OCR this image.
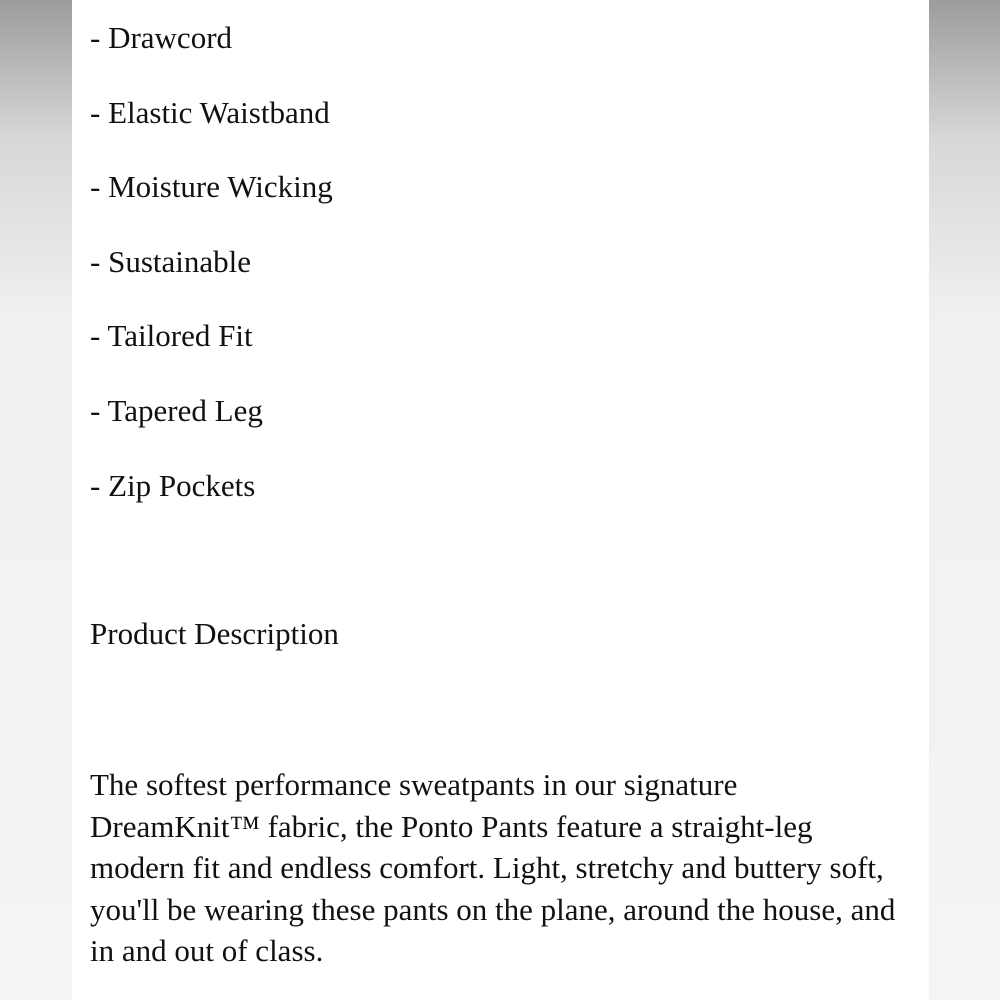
- Drawcord
- Elastic Waistband
- Moisture Wicking
- Sustainable
- Tailored Fit
- Tapered Leg
- Zip Pockets
Product Description

The softest performance sweatpants in our signature DreamKnit™ fabric, the Ponto Pants feature a straight-leg modern fit and endless comfort. Light, stretchy and buttery soft, you'll be wearing these pants on the plane, around the house, and in and out of class.
